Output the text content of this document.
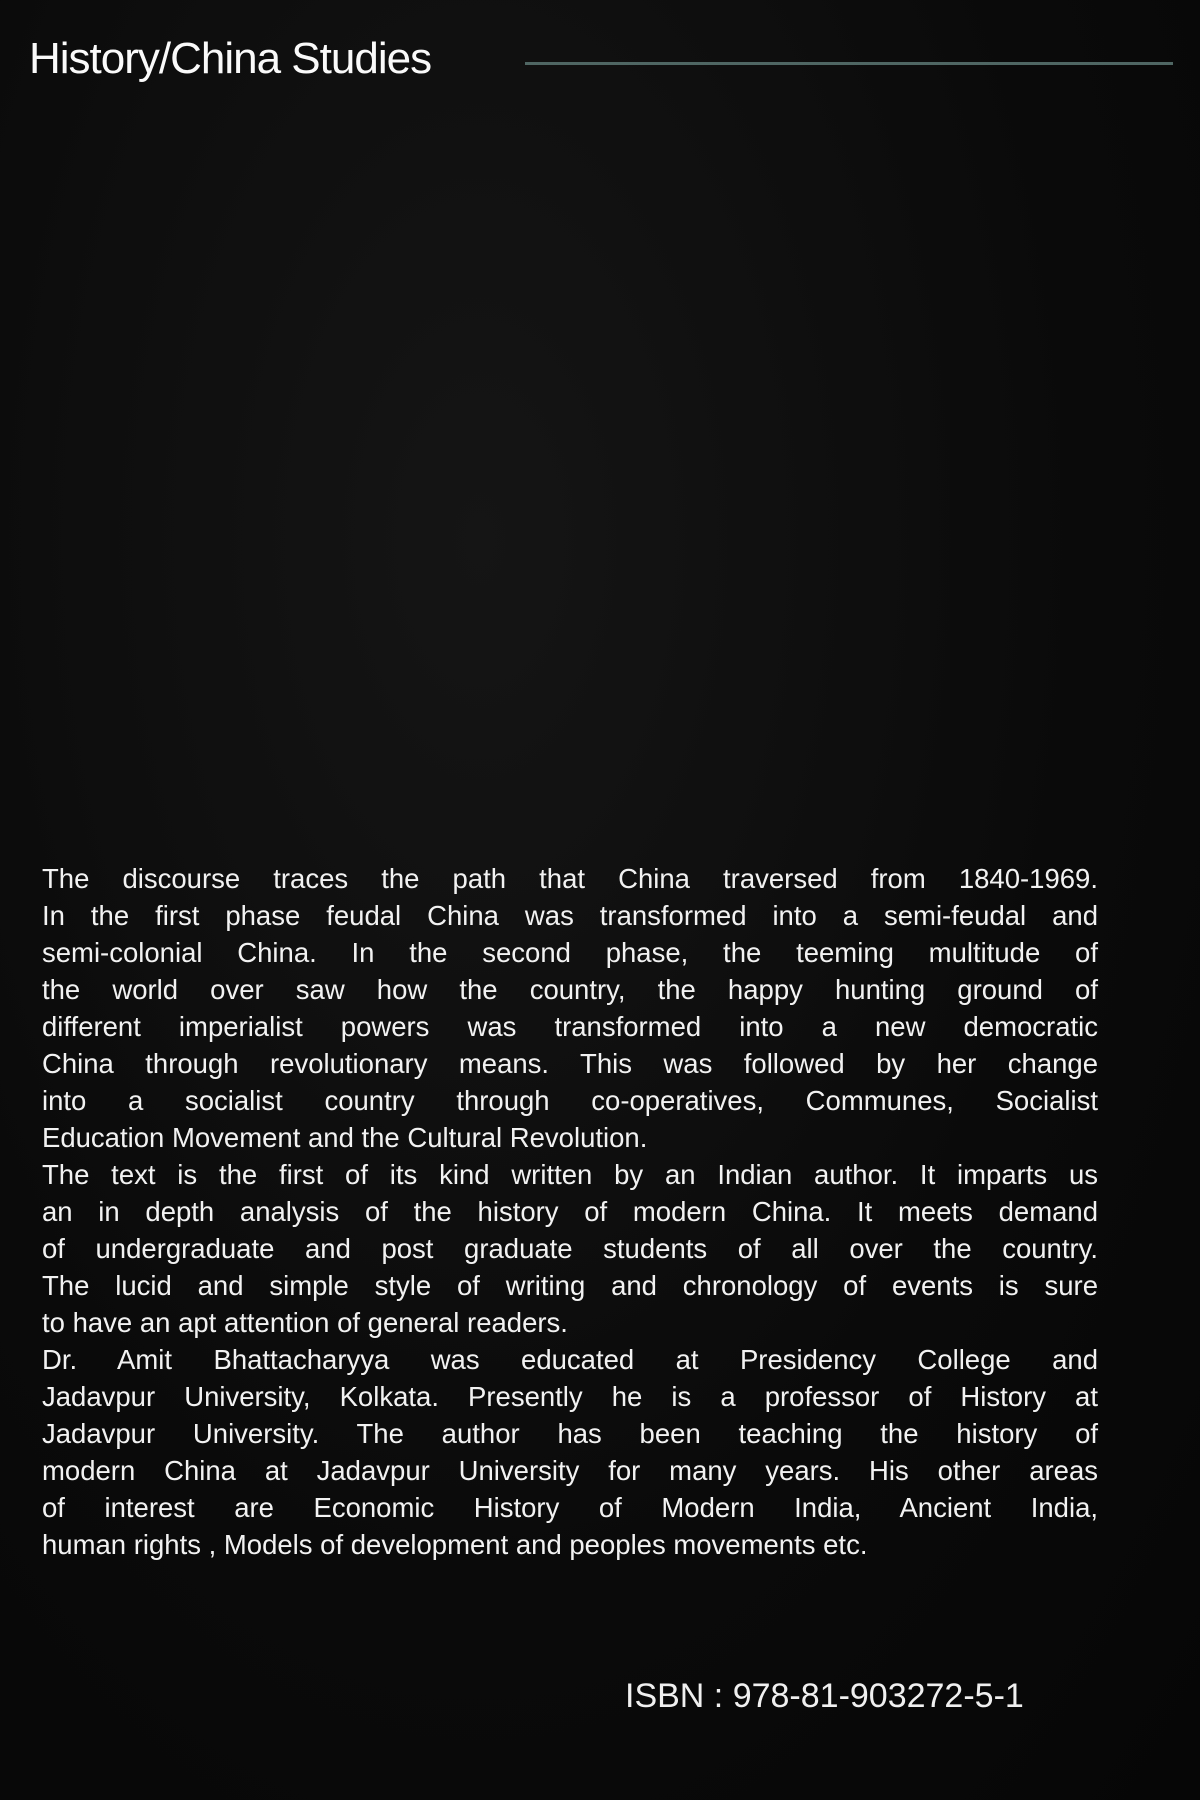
History/China Studies
The discourse traces the path that China traversed from 1840-1969.
In the first phase feudal China was transformed into a semi-feudal and
semi-colonial China. In the second phase, the teeming multitude of
the world over saw how the country, the happy hunting ground of
different imperialist powers was transformed into a new democratic
China through revolutionary means. This was followed by her change
into a socialist country through co-operatives, Communes, Socialist
Education Movement and the Cultural Revolution.
The text is the first of its kind written by an Indian author. It imparts us
an in depth analysis of the history of modern China. It meets demand
of undergraduate and post graduate students of all over the country.
The lucid and simple style of writing and chronology of events is sure
to have an apt attention of general readers.
Dr. Amit Bhattacharyya was educated at Presidency College and
Jadavpur University, Kolkata. Presently he is a professor of History at
Jadavpur University. The author has been teaching the history of
modern China at Jadavpur University for many years. His other areas
of interest are Economic History of Modern India, Ancient India,
human rights , Models of development and peoples movements etc.
ISBN : 978-81-903272-5-1
